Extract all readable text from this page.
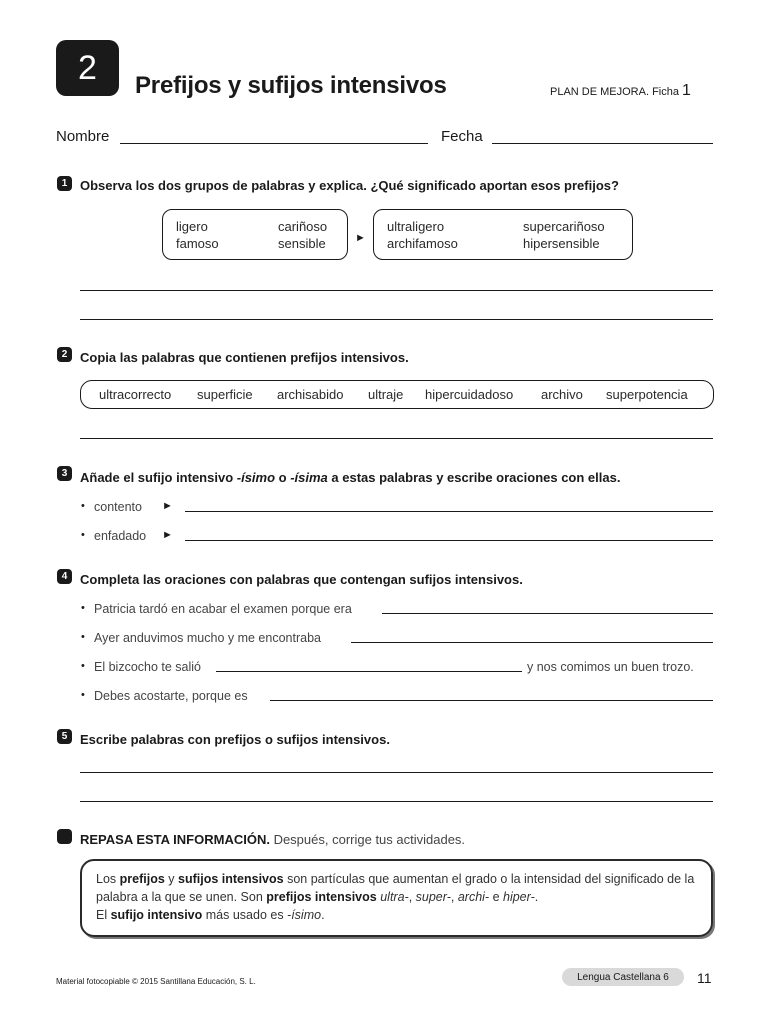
2 Prefijos y sufijos intensivos	PLAN DE MEJORA. Ficha 1
Nombre	Fecha
1 Observa los dos grupos de palabras y explica. ¿Qué significado aportan esos prefijos?
ligero	cariñoso
famoso	sensible	►
ultraligero	supercariñoso
archifamoso	hipersensible
2 Copia las palabras que contienen prefijos intensivos.
ultracorrecto superficie archisabido ultraje hipercuidadoso archivo superpotencia
3 Añade el sufijo intensivo -ísimo o -ísima a estas palabras y escribe oraciones con ellas.
• contento ►
• enfadado ►
4 Completa las oraciones con palabras que contengan sufijos intensivos.
• Patricia tardó en acabar el examen porque era
• Ayer anduvimos mucho y me encontraba
• El bizcocho te salió	y nos comimos un buen trozo.
• Debes acostarte, porque es
5 Escribe palabras con prefijos o sufijos intensivos.
REPASA ESTA INFORMACIÓN. Después, corrige tus actividades.
Los prefijos y sufijos intensivos son partículas que aumentan el grado o la intensidad del significado de la palabra a la que se unen. Son prefijos intensivos ultra-, super-, archi- e hiper-.
El sufijo intensivo más usado es -ísimo.
Material fotocopiable © 2015 Santillana Educación, S. L.	Lengua Castellana 6 11
